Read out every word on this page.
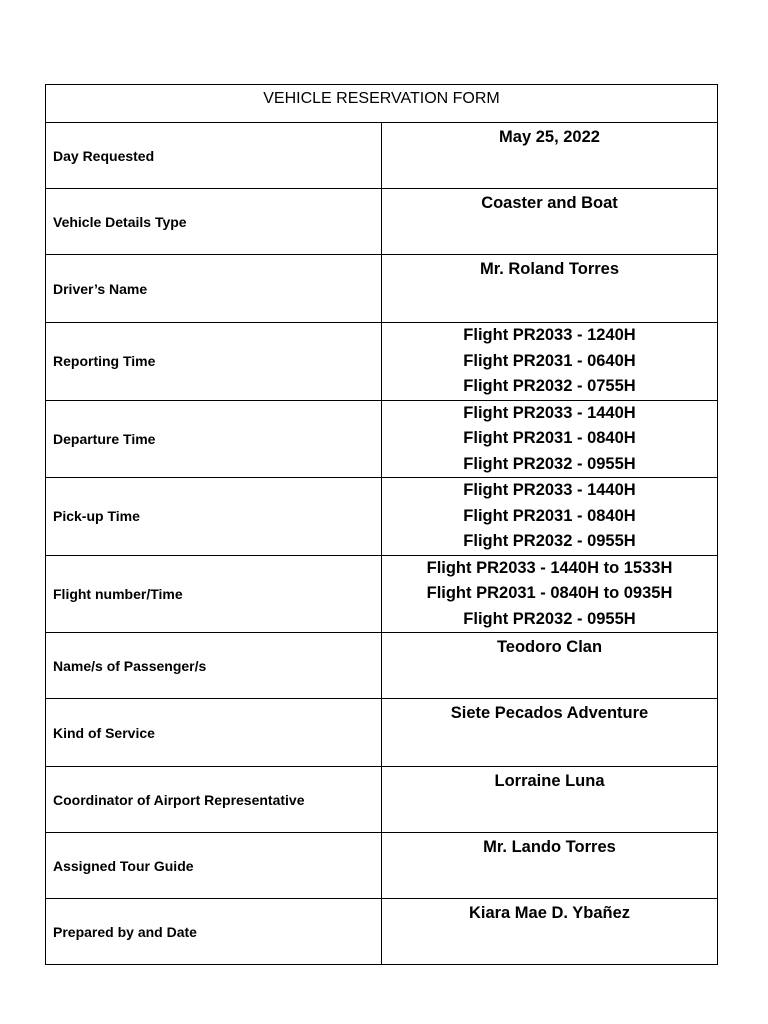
VEHICLE RESERVATION FORM	
Day Requested	May 25, 2022

Vehicle Details Type	Coaster and Boat

Driver’s Name	Mr. Roland Torres

Reporting Time	Flight PR2033 - 1240H
Flight PR2031 - 0640H
Flight PR2032 - 0755H

Departure Time	Flight PR2033 - 1440H
Flight PR2031 - 0840H
Flight PR2032 - 0955H

Pick-up Time	Flight PR2033 - 1440H
Flight PR2031 - 0840H
Flight PR2032 - 0955H

Flight number/Time	Flight PR2033 - 1440H to 1533H
Flight PR2031 - 0840H to 0935H
Flight PR2032 - 0955H

Name/s of Passenger/s	Teodoro Clan

Kind of Service	Siete Pecados Adventure

Coordinator of Airport Representative	Lorraine Luna

Assigned Tour Guide	Mr. Lando Torres

Prepared by and Date	Kiara Mae D. Ybañez
